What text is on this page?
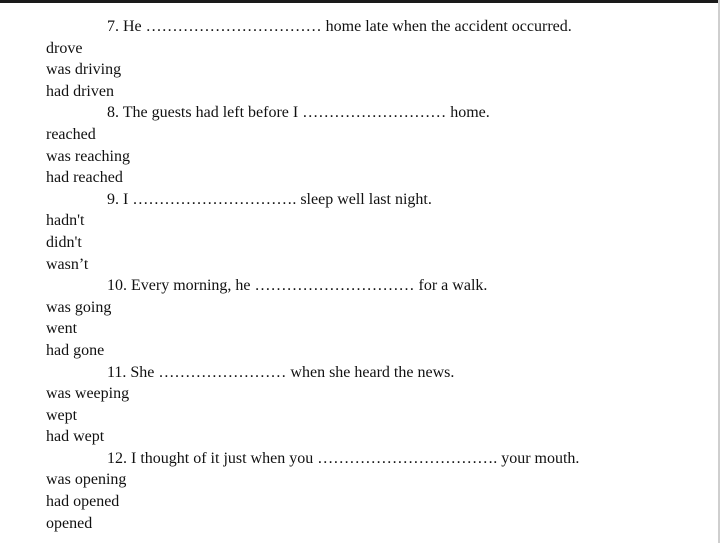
7. He …………………………… home late when the accident occurred.
drove
was driving
had driven
8. The guests had left before I ……………………… home.
reached
was reaching
had reached
9. I …………………………. sleep well last night.
hadn't
didn't
wasn’t
10. Every morning, he ………………………… for a walk.
was going
went
had gone
11. She …………………… when she heard the news.
was weeping
wept
had wept
12. I thought of it just when you ……………………………. your mouth.
was opening
had opened
opened
